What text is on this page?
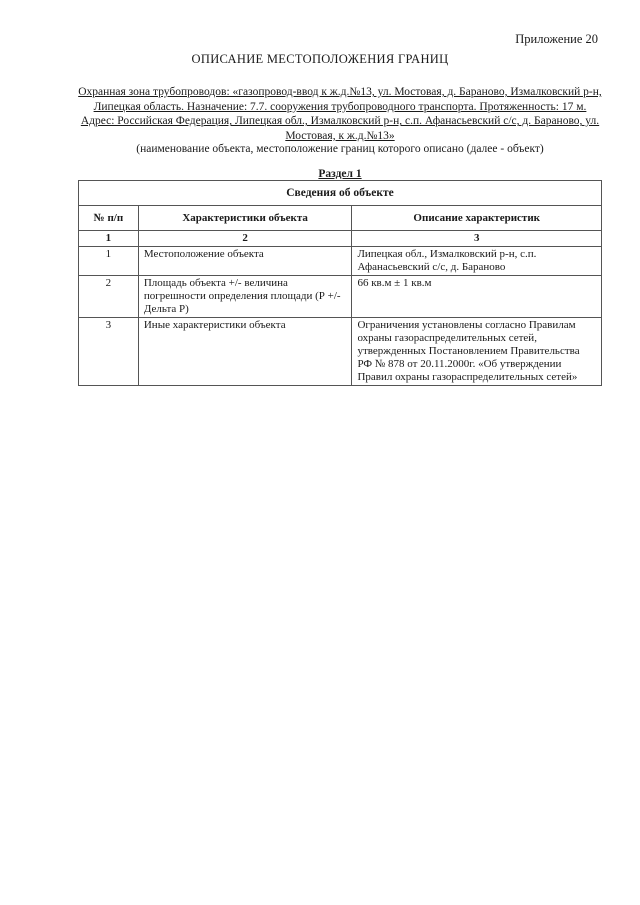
Приложение 20
ОПИСАНИЕ МЕСТОПОЛОЖЕНИЯ ГРАНИЦ
Охранная зона трубопроводов: «газопровод-ввод к ж.д.№13, ул. Мостовая, д. Бараново, Измалковский р-н, Липецкая область. Назначение: 7.7. сооружения трубопроводного транспорта. Протяженность: 17 м. Адрес: Российская Федерация, Липецкая обл., Измалковский р-н, с.п. Афанасьевский с/с, д. Бараново, ул. Мостовая, к ж.д.№13»
(наименование объекта, местоположение границ которого описано (далее - объект)
Раздел 1
Сведения об объекте		
№ п/п	Характеристики объекта	Описание характеристик
1	2	3
1	Местоположение объекта	Липецкая обл., Измалковский р-н, с.п. Афанасьевский с/с, д. Бараново
2	Площадь объекта +/- величина погрешности определения площади (Р +/- Дельта Р)	66 кв.м ± 1 кв.м
3	Иные характеристики объекта	Ограничения установлены согласно Правилам охраны газораспределительных сетей, утвержденных Постановлением Правительства РФ № 878 от 20.11.2000г. «Об утверждении Правил охраны газораспределительных сетей»
